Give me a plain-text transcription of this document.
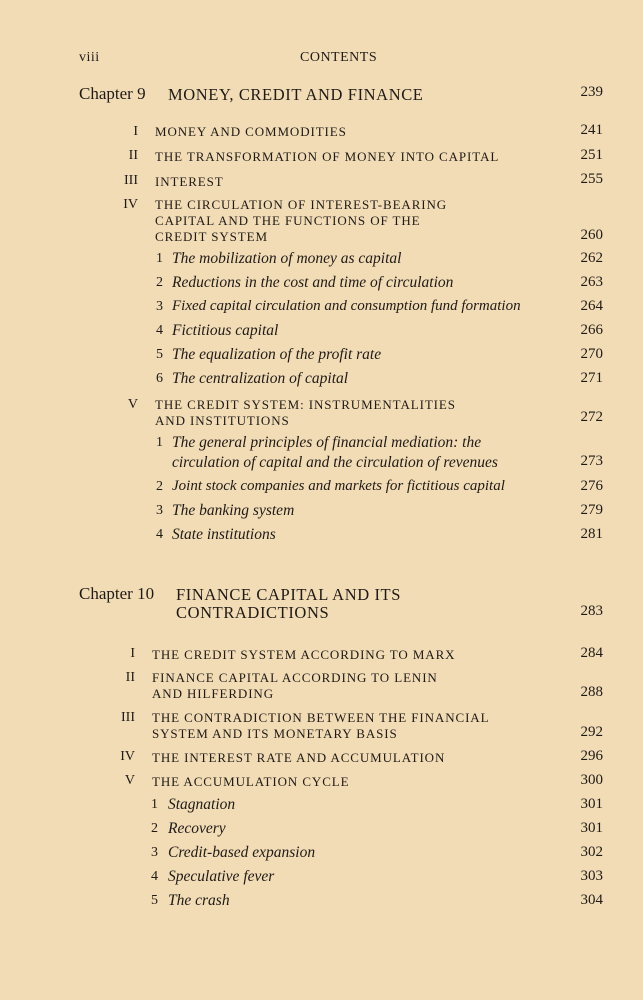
viii	CONTENTS
Chapter 9 MONEY, CREDIT AND FINANCE	239
I MONEY AND COMMODITIES	241
II THE TRANSFORMATION OF MONEY INTO CAPITAL	251
III INTEREST	255
IV THE CIRCULATION OF INTEREST-BEARING
CAPITAL AND THE FUNCTIONS OF THE
CREDIT SYSTEM	260
1 The mobilization of money as capital	262
2 Reductions in the cost and time of circulation	263
3 Fixed capital circulation and consumption fund formation	264
4 Fictitious capital	266
5 The equalization of the profit rate	270
6 The centralization of capital	271
V THE CREDIT SYSTEM: INSTRUMENTALITIES
AND INSTITUTIONS	272
1 The general principles of financial mediation: the
circulation of capital and the circulation of revenues	273
2 Joint stock companies and markets for fictitious capital	276
3 The banking system	279
4 State institutions	281
Chapter 10 FINANCE CAPITAL AND ITS
CONTRADICTIONS	283
I THE CREDIT SYSTEM ACCORDING TO MARX	284
II FINANCE CAPITAL ACCORDING TO LENIN
AND HILFERDING	288
III THE CONTRADICTION BETWEEN THE FINANCIAL
SYSTEM AND ITS MONETARY BASIS	292
IV THE INTEREST RATE AND ACCUMULATION	296
V THE ACCUMULATION CYCLE	300
1 Stagnation	301
2 Recovery	301
3 Credit-based expansion	302
4 Speculative fever	303
5 The crash	304
